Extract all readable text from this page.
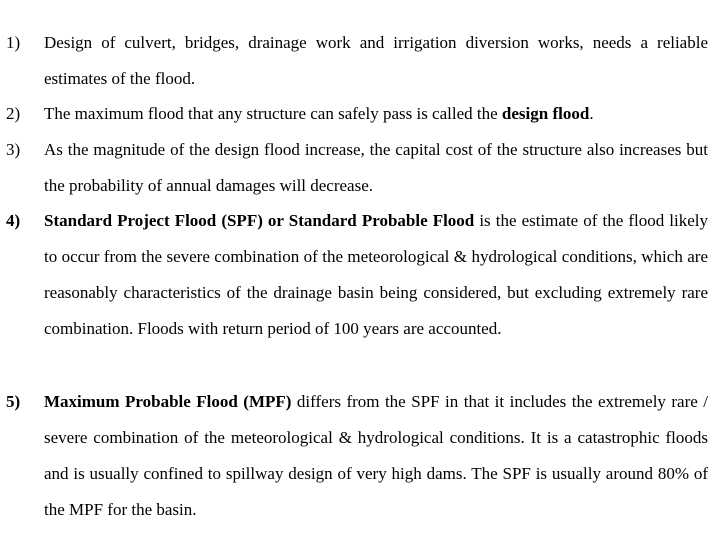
1) Design of culvert, bridges, drainage work and irrigation diversion works, needs a reliable estimates of the flood.
2) The maximum flood that any structure can safely pass is called the design flood.
3) As the magnitude of the design flood increase, the capital cost of the structure also increases but the probability of annual damages will decrease.
4) Standard Project Flood (SPF) or Standard Probable Flood is the estimate of the flood likely to occur from the severe combination of the meteorological & hydrological conditions, which are reasonably characteristics of the drainage basin being considered, but excluding extremely rare combination. Floods with return period of 100 years are accounted.
5) Maximum Probable Flood (MPF) differs from the SPF in that it includes the extremely rare / severe combination of the meteorological & hydrological conditions. It is a catastrophic floods and is usually confined to spillway design of very high dams. The SPF is usually around 80% of the MPF for the basin.
